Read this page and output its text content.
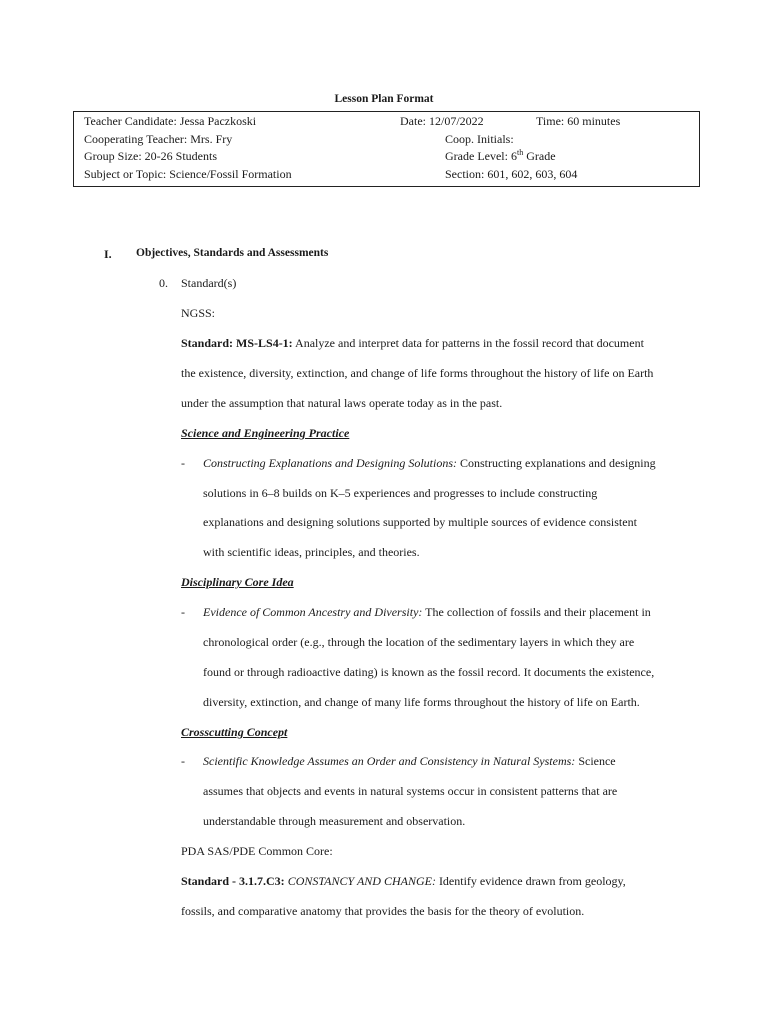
Lesson Plan Format
Teacher Candidate: Jessa Paczkoski	Date: 12/07/2022	Time: 60 minutes
Cooperating Teacher: Mrs. Fry	Coop. Initials:
Group Size: 20-26 Students	Grade Level: 6th Grade
Subject or Topic: Science/Fossil Formation	Section: 601, 602, 603, 604
I. Objectives, Standards and Assessments
0. Standard(s)
NGSS:
Standard: MS-LS4-1: Analyze and interpret data for patterns in the fossil record that document
the existence, diversity, extinction, and change of life forms throughout the history of life on Earth
under the assumption that natural laws operate today as in the past.
Science and Engineering Practice
- Constructing Explanations and Designing Solutions: Constructing explanations and designing
solutions in 6–8 builds on K–5 experiences and progresses to include constructing
explanations and designing solutions supported by multiple sources of evidence consistent
with scientific ideas, principles, and theories.
Disciplinary Core Idea
- Evidence of Common Ancestry and Diversity: The collection of fossils and their placement in
chronological order (e.g., through the location of the sedimentary layers in which they are
found or through radioactive dating) is known as the fossil record. It documents the existence,
diversity, extinction, and change of many life forms throughout the history of life on Earth.
Crosscutting Concept
- Scientific Knowledge Assumes an Order and Consistency in Natural Systems: Science
assumes that objects and events in natural systems occur in consistent patterns that are
understandable through measurement and observation.
PDA SAS/PDE Common Core:
Standard - 3.1.7.C3: CONSTANCY AND CHANGE: Identify evidence drawn from geology,
fossils, and comparative anatomy that provides the basis for the theory of evolution.
